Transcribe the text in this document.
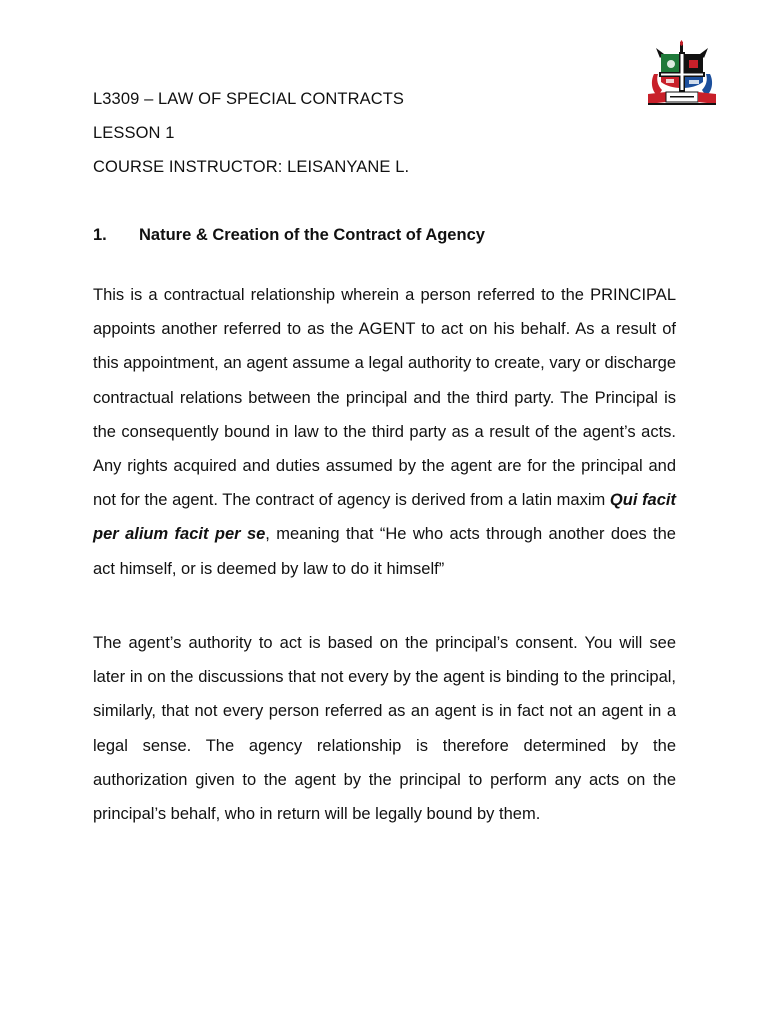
L3309 – LAW OF SPECIAL CONTRACTS
LESSON 1
COURSE INSTRUCTOR: LEISANYANE L.
1. Nature & Creation of the Contract of Agency
This is a contractual relationship wherein a person referred to the PRINCIPAL appoints another referred to as the AGENT to act on his behalf. As a result of this appointment, an agent assume a legal authority to create, vary or discharge contractual relations between the principal and the third party. The Principal is the consequently bound in law to the third party as a result of the agent’s acts. Any rights acquired and duties assumed by the agent are for the principal and not for the agent. The contract of agency is derived from a latin maxim Qui facit per alium facit per se, meaning that “He who acts through another does the act himself, or is deemed by law to do it himself”
The agent’s authority to act is based on the principal’s consent. You will see later in on the discussions that not every by the agent is binding to the principal, similarly, that not every person referred as an agent is in fact not an agent in a legal sense. The agency relationship is therefore determined by the authorization given to the agent by the principal to perform any acts on the principal’s behalf, who in return will be legally bound by them.
